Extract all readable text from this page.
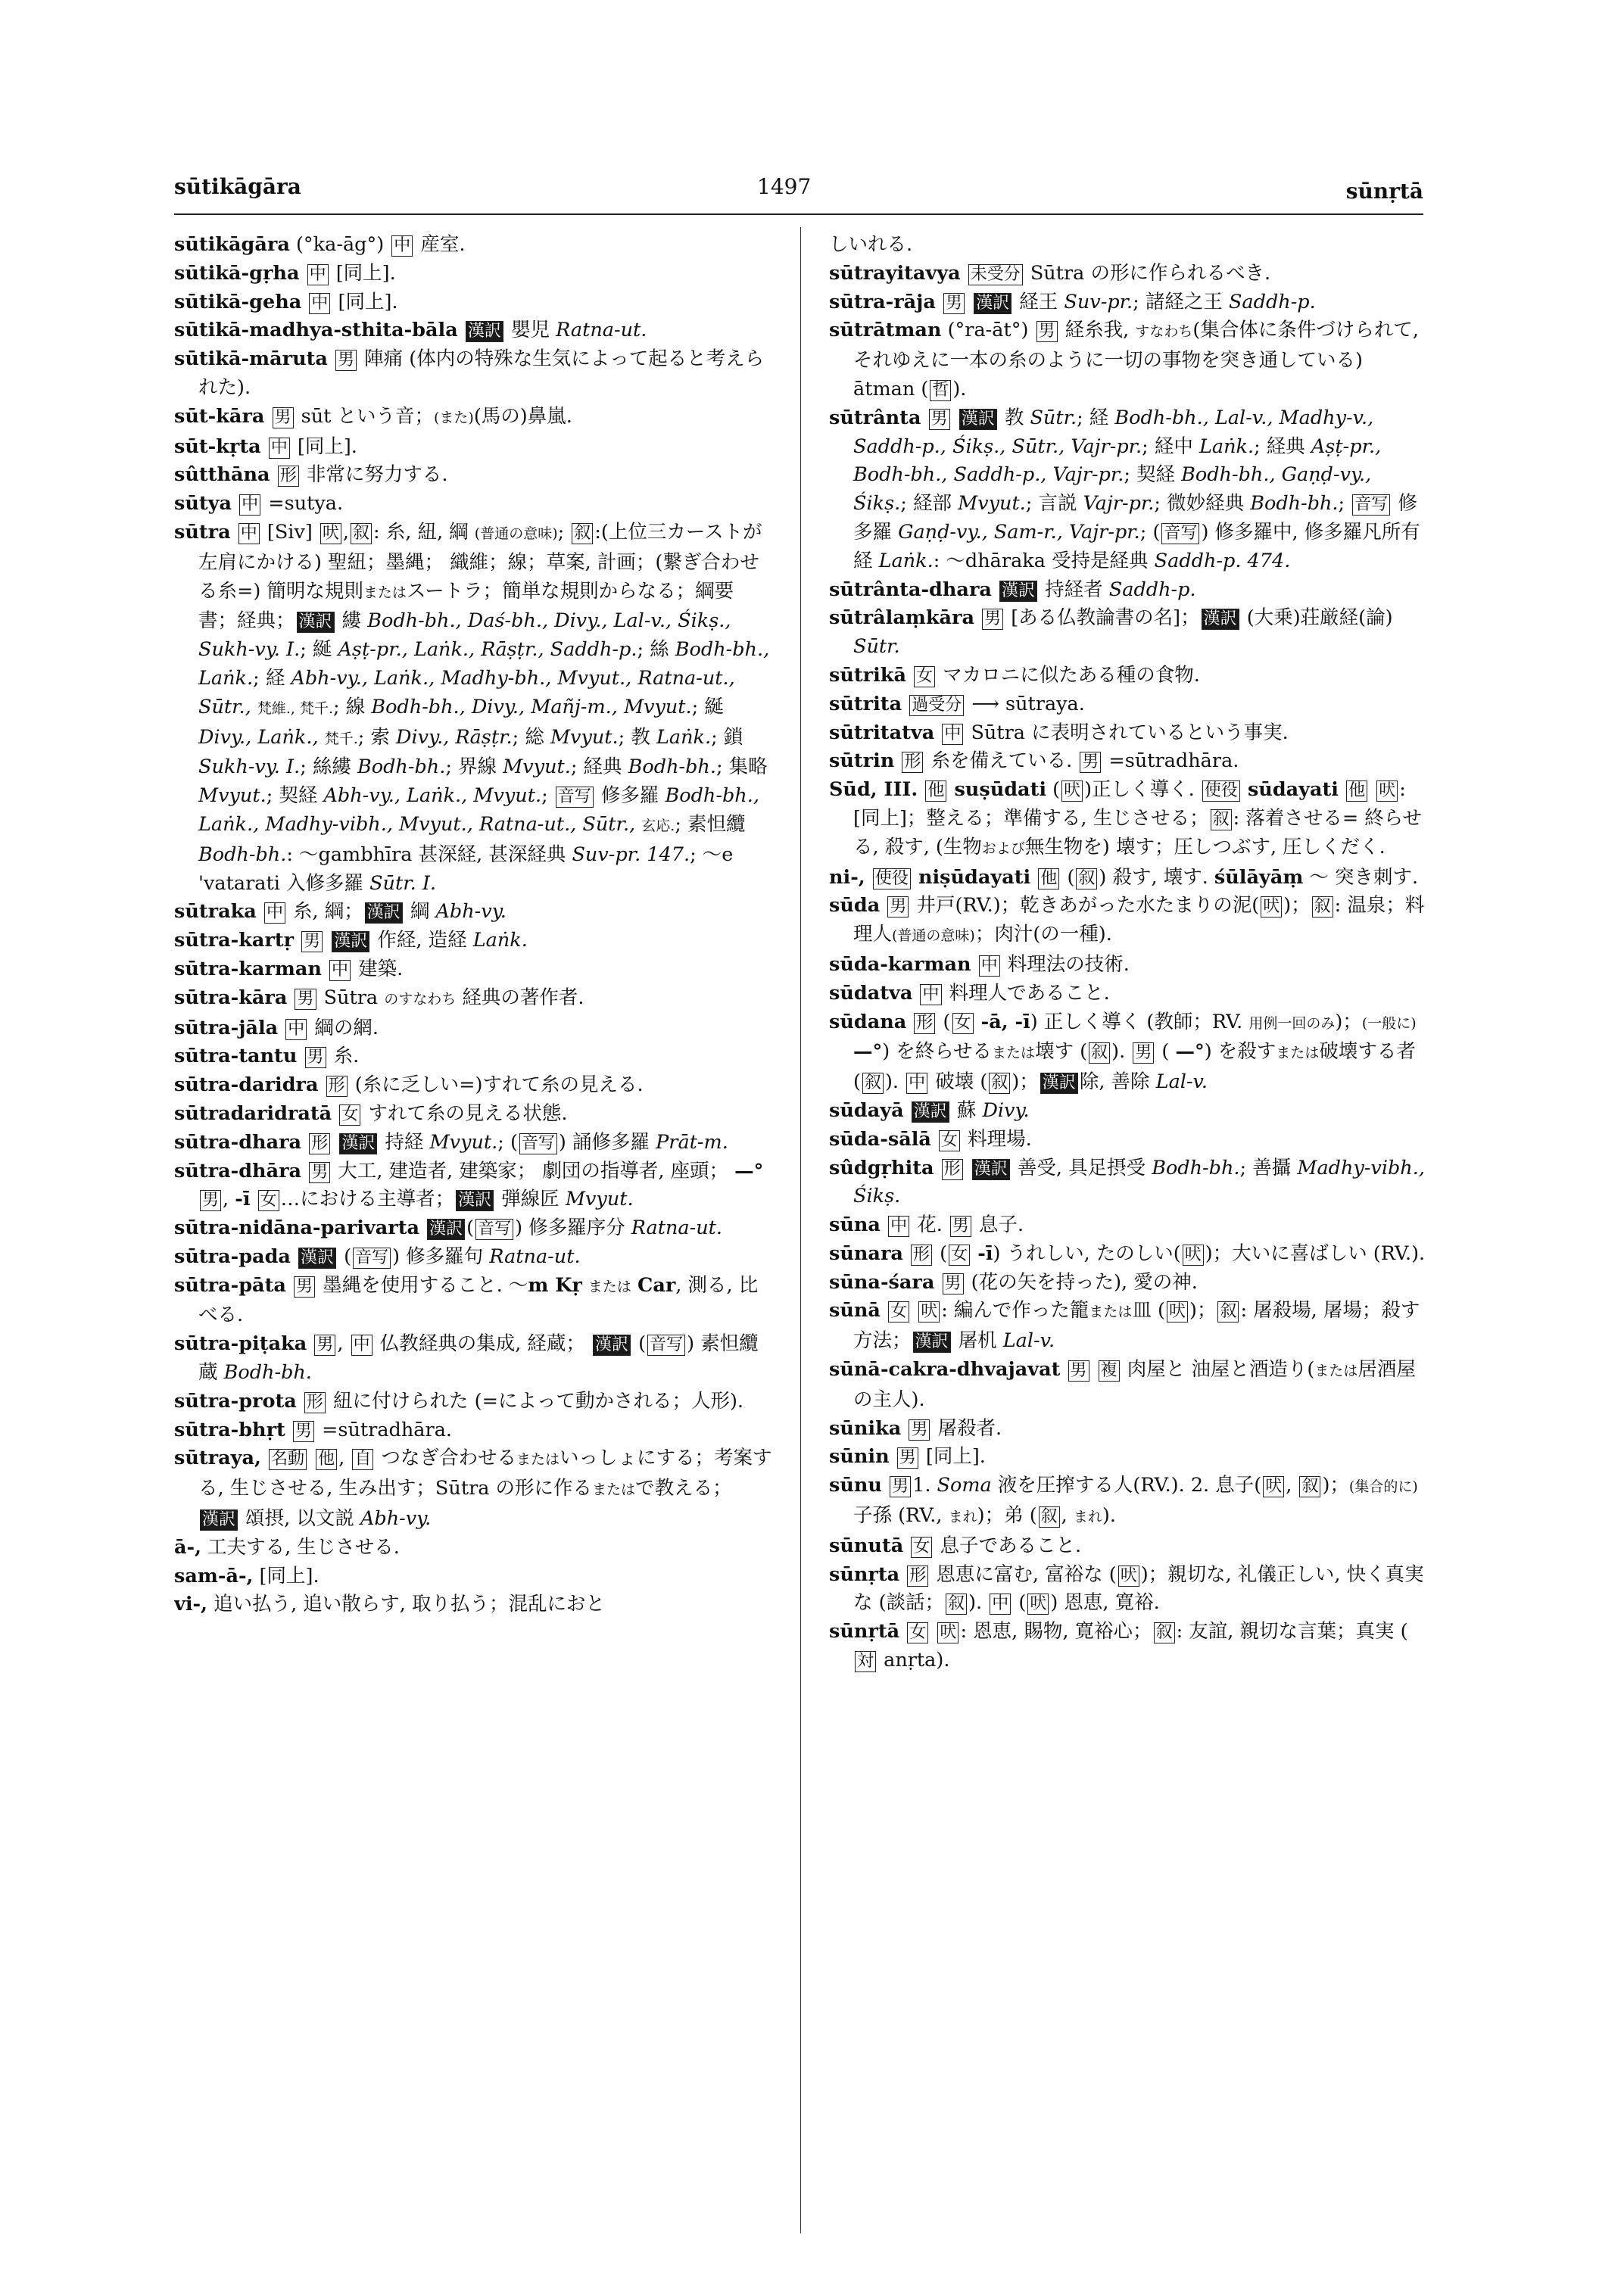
sūtikāgāra	1497	sūnṛtā

sūtikāgāra (°ka-āg°) 中 産室.

sūtikā-gṛha 中 [同上].

sūtikā-geha 中 [同上].

sūtikā-madhya-sthita-bāla 漢訳 嬰児 Ratna-ut.

sūtikā-māruta 男 陣痛 (体内の特殊な生気によって起ると考えられた).

sūt-kāra 男 sūt という音；(また)(馬の)鼻嵐.

sūt-kṛta 中 [同上].

sûtthāna 形 非常に努力する.

sūtya 中 =sutya.

sūtra 中 [Siv] 吠 , 叙 : 糸, 紐, 綱 (普通の意味); 叙 :(上位三カーストが左肩にかける) 聖紐；墨縄； 織維；線；草案, 計画；(繋ぎ合わせる糸=) 簡明な規則またはスートラ；簡単な規則からなる；綱要書；経典； 漢訳 縷 Bodh-bh., Daś-bh., Divy., Lal-v., Śikṣ., Sukh-vy. I.; 綖 Aṣṭ-pr., Laṅk., Rāṣṭr., Saddh-p.; 絲 Bodh-bh., Laṅk.; 経 Abh-vy., Laṅk., Madhy-bh., Mvyut., Ratna-ut., Sūtr., 梵維., 梵千.; 線 Bodh-bh., Divy., Mañj-m., Mvyut.; 綖 Divy., Laṅk., 梵千.; 索 Divy., Rāṣṭr.; 総 Mvyut.; 教 Laṅk.; 鎖 Sukh-vy. I.; 絲縷 Bodh-bh.; 界線 Mvyut.; 経典 Bodh-bh.; 集略 Mvyut.; 契経 Abh-vy., Laṅk., Mvyut.; 音写 修多羅 Bodh-bh., Laṅk., Madhy-vibh., Mvyut., Ratna-ut., Sūtr., 玄応.; 素怛纜 Bodh-bh.: 〜gambhīra 甚深経, 甚深経典 Suv-pr. 147.; 〜e 'vatarati 入修多羅 Sūtr. I.

sūtraka 中 糸, 綱； 漢訳 綱 Abh-vy.

sūtra-kartṛ 男 漢訳 作経, 造経 Laṅk.

sūtra-karman 中 建築.

sūtra-kāra 男 Sūtra のすなわち 経典の著作者.

sūtra-jāla 中 綱の網.

sūtra-tantu 男 糸.

sūtra-daridra 形 (糸に乏しい=)すれて糸の見える.

sūtradaridratā 女 すれて糸の見える状態.

sūtra-dhara 形 漢訳 持経 Mvyut.; ( 音写 ) 誦修多羅 Prāt-m.

sūtra-dhāra 男 大工, 建造者, 建築家； 劇団の指導者, 座頭； —° 男 , -ī 女 …における主導者； 漢訳 弾線匠 Mvyut.

sūtra-nidāna-parivarta 漢訳 ( 音写 ) 修多羅序分 Ratna-ut.

sūtra-pada 漢訳 ( 音写 ) 修多羅句 Ratna-ut.

sūtra-pāta 男 墨縄を使用すること. 〜m Kṛ または Car, 測る, 比べる.

sūtra-piṭaka 男 , 中 仏教経典の集成, 経蔵； 漢訳 ( 音写 ) 素怛纜蔵 Bodh-bh.

sūtra-prota 形 紐に付けられた (=によって動かされる；人形).

sūtra-bhṛt 男 =sūtradhāra.

sūtraya, 名動 他 , 自 つなぎ合わせるまたはいっしょにする；考案する, 生じさせる, 生み出す；Sūtra の形に作るまたはで教える；漢訳 頌摂, 以文説 Abh-vy.

ā-, 工夫する, 生じさせる.

sam-ā-, [同上].

vi-, 追い払う, 追い散らす, 取り払う；混乱におと

しいれる.

sūtrayitavya 未受分 Sūtra の形に作られるべき.

sūtra-rāja 男 漢訳 経王 Suv-pr.; 諸経之王 Saddh-p.

sūtrātman (°ra-āt°) 男 経糸我, すなわち(集合体に条件づけられて, それゆえに一本の糸のように一切の事物を突き通している) ātman ( 哲 ).

sūtrânta 男 漢訳 教 Sūtr.; 経 Bodh-bh., Lal-v., Madhy-v., Saddh-p., Śikṣ., Sūtr., Vajr-pr.; 経中 Laṅk.; 経典 Aṣṭ-pr., Bodh-bh., Saddh-p., Vajr-pr.; 契経 Bodh-bh., Gaṇḍ-vy., Śikṣ.; 経部 Mvyut.; 言説 Vajr-pr.; 微妙経典 Bodh-bh.; 音写 修多羅 Gaṇḍ-vy., Sam-r., Vajr-pr.; ( 音写 ) 修多羅中, 修多羅凡所有経 Laṅk.: 〜dhāraka 受持是経典 Saddh-p. 474.

sūtrânta-dhara 漢訳 持経者 Saddh-p.

sūtrâlaṃkāra 男 [ある仏教論書の名]； 漢訳 (大乗)荘厳経(論) Sūtr.

sūtrikā 女 マカロニに似たある種の食物.

sūtrita 過受分 ⟶ sūtraya.

sūtritatva 中 Sūtra に表明されているという事実.

sūtrin 形 糸を備えている. 男 =sūtradhāra.

Sūd, III. 他 suṣūdati ( 吠 )正しく導く. 使役 sūdayati 他 吠 : [同上]；整える；準備する, 生じさせる； 叙 : 落着させる= 終らせる, 殺す, (生物および無生物を) 壊す；圧しつぶす, 圧しくだく.

ni-, 使役 niṣūdayati 他 ( 叙 ) 殺す, 壊す. śūlāyāṃ 〜 突き刺す.

sūda 男 井戸(RV.)；乾きあがった水たまりの泥( 吠 )； 叙 : 温泉；料理人(普通の意味)；肉汁(の一種).

sūda-karman 中 料理法の技術.

sūdatva 中 料理人であること.

sūdana 形 ( 女 -ā, -ī) 正しく導く (教師；RV. 用例一回のみ)；(一般に) —°) を終らせるまたは壊す ( 叙 ). 男 ( —°) を殺すまたは破壊する者 ( 叙 ). 中 破壊 ( 叙 )； 漢訳 除, 善除 Lal-v.

sūdayā 漢訳 蘇 Divy.

sūda-sālā 女 料理場.

sûdgṛhita 形 漢訳 善受, 具足摂受 Bodh-bh.; 善攝 Madhy-vibh., Śikṣ.

sūna 中 花. 男 息子.

sūnara 形 ( 女 -ī) うれしい, たのしい( 吠 )；大いに喜ばしい (RV.).

sūna-śara 男 (花の矢を持った), 愛の神.

sūnā 女 吠 : 編んで作った籠または皿 ( 吠 )； 叙 : 屠殺場, 屠場；殺す方法； 漢訳 屠机 Lal-v.

sūnā-cakra-dhvajavat 男 複 肉屋と 油屋と酒造り(または居酒屋の主人).

sūnika 男 屠殺者.

sūnin 男 [同上].

sūnu 男 1. Soma 液を圧搾する人(RV.). 2. 息子( 吠 , 叙 )；(集合的に) 子孫 (RV., まれ)；弟 ( 叙 , まれ).

sūnutā 女 息子であること.

sūnṛta 形 恩恵に富む, 富裕な ( 吠 )；親切な, 礼儀正しい, 快く真実な (談話； 叙 ). 中 ( 吠 ) 恩恵, 寛裕.

sūnṛtā 女 吠 : 恩恵, 賜物, 寛裕心； 叙 : 友誼, 親切な言葉；真実 (対 anṛta).
